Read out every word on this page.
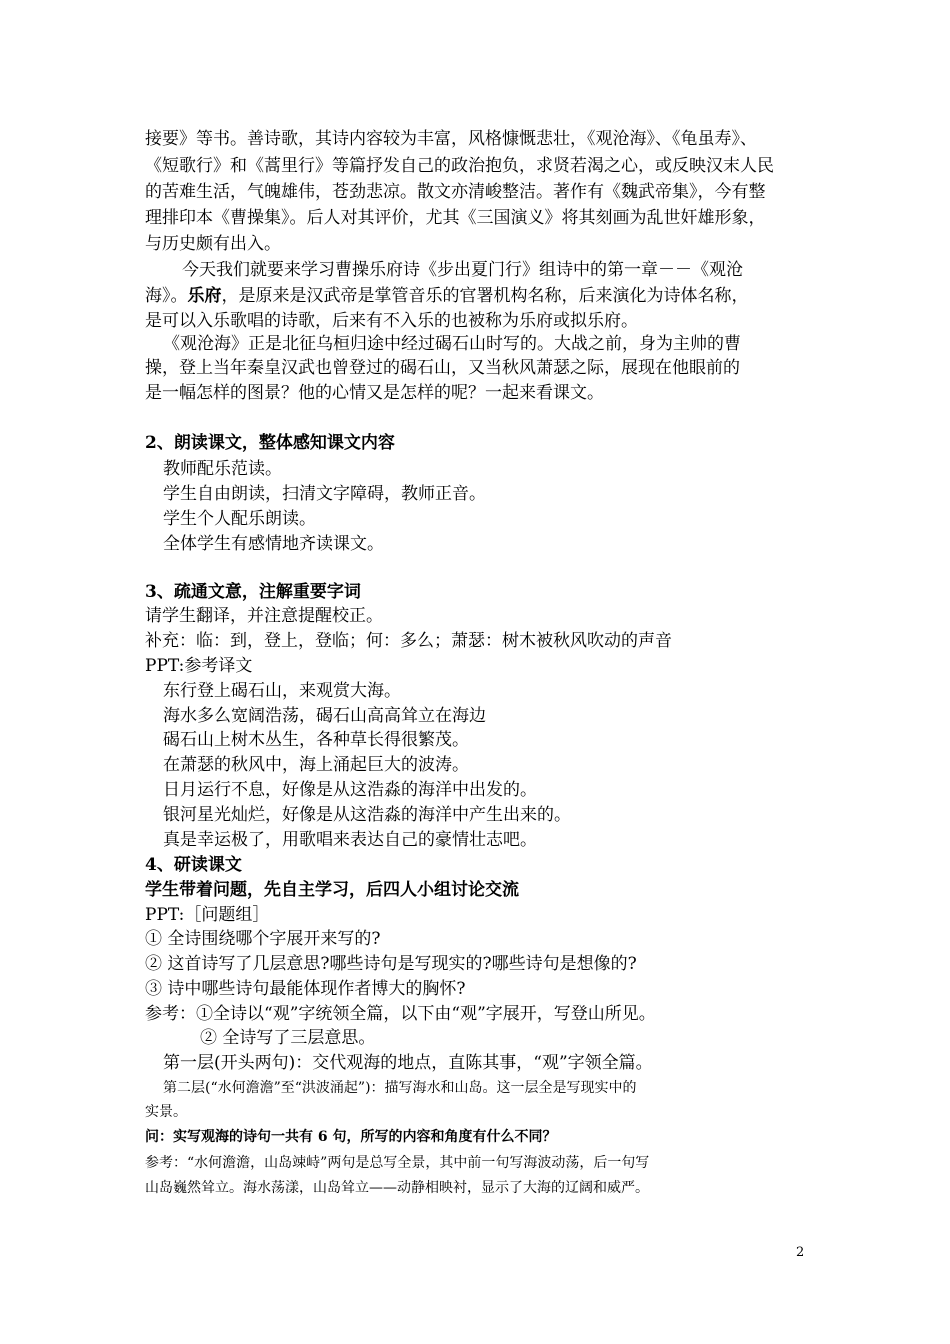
接要》等书。善诗歌，其诗内容较为丰富，风格慷慨悲壮，《观沧海》、《龟虽寿》、
《短歌行》和《蒿里行》等篇抒发自己的政治抱负，求贤若渴之心，或反映汉末人民
的苦难生活，气魄雄伟，苍劲悲凉。散文亦清峻整洁。著作有《魏武帝集》，今有整
理排印本《曹操集》。后人对其评价，尤其《三国演义》将其刻画为乱世奸雄形象，
与历史颇有出入。
今天我们就要来学习曹操乐府诗《步出夏门行》组诗中的第一章－－《观沧
海》。乐府，是原来是汉武帝是掌管音乐的官署机构名称，后来演化为诗体名称，
是可以入乐歌唱的诗歌，后来有不入乐的也被称为乐府或拟乐府。
《观沧海》正是北征乌桓归途中经过碣石山时写的。大战之前，身为主帅的曹
操，登上当年秦皇汉武也曾登过的碣石山，又当秋风萧瑟之际，展现在他眼前的
是一幅怎样的图景？他的心情又是怎样的呢？一起来看课文。
2、朗读课文，整体感知课文内容
教师配乐范读。
学生自由朗读，扫清文字障碍，教师正音。
学生个人配乐朗读。
全体学生有感情地齐读课文。
3、疏通文意，注解重要字词
请学生翻译，并注意提醒校正。
补充：临：到，登上，登临；何：多么；萧瑟：树木被秋风吹动的声音
PPT:参考译文
东行登上碣石山，来观赏大海。
海水多么宽阔浩荡，碣石山高高耸立在海边
碣石山上树木丛生，各种草长得很繁茂。
在萧瑟的秋风中，海上涌起巨大的波涛。
日月运行不息，好像是从这浩淼的海洋中出发的。
银河星光灿烂，好像是从这浩淼的海洋中产生出来的。
真是幸运极了，用歌唱来表达自己的豪情壮志吧。
4、研读课文
学生带着问题，先自主学习，后四人小组讨论交流
PPT:［问题组］
① 全诗围绕哪个字展开来写的?
② 这首诗写了几层意思?哪些诗句是写现实的?哪些诗句是想像的?
③ 诗中哪些诗句最能体现作者博大的胸怀?
参考：①全诗以“观”字统领全篇，以下由“观”字展开，写登山所见。
② 全诗写了三层意思。
第一层(开头两句)：交代观海的地点，直陈其事，“观”字领全篇。
第二层(“水何澹澹”至“洪波涌起”)：描写海水和山岛。这一层全是写现实中的
实景。
问：实写观海的诗句一共有 6 句，所写的内容和角度有什么不同？
参考：“水何澹澹，山岛竦峙”两句是总写全景，其中前一句写海波动荡，后一句写
山岛巍然耸立。海水荡漾，山岛耸立——动静相映衬，显示了大海的辽阔和威严。
2
